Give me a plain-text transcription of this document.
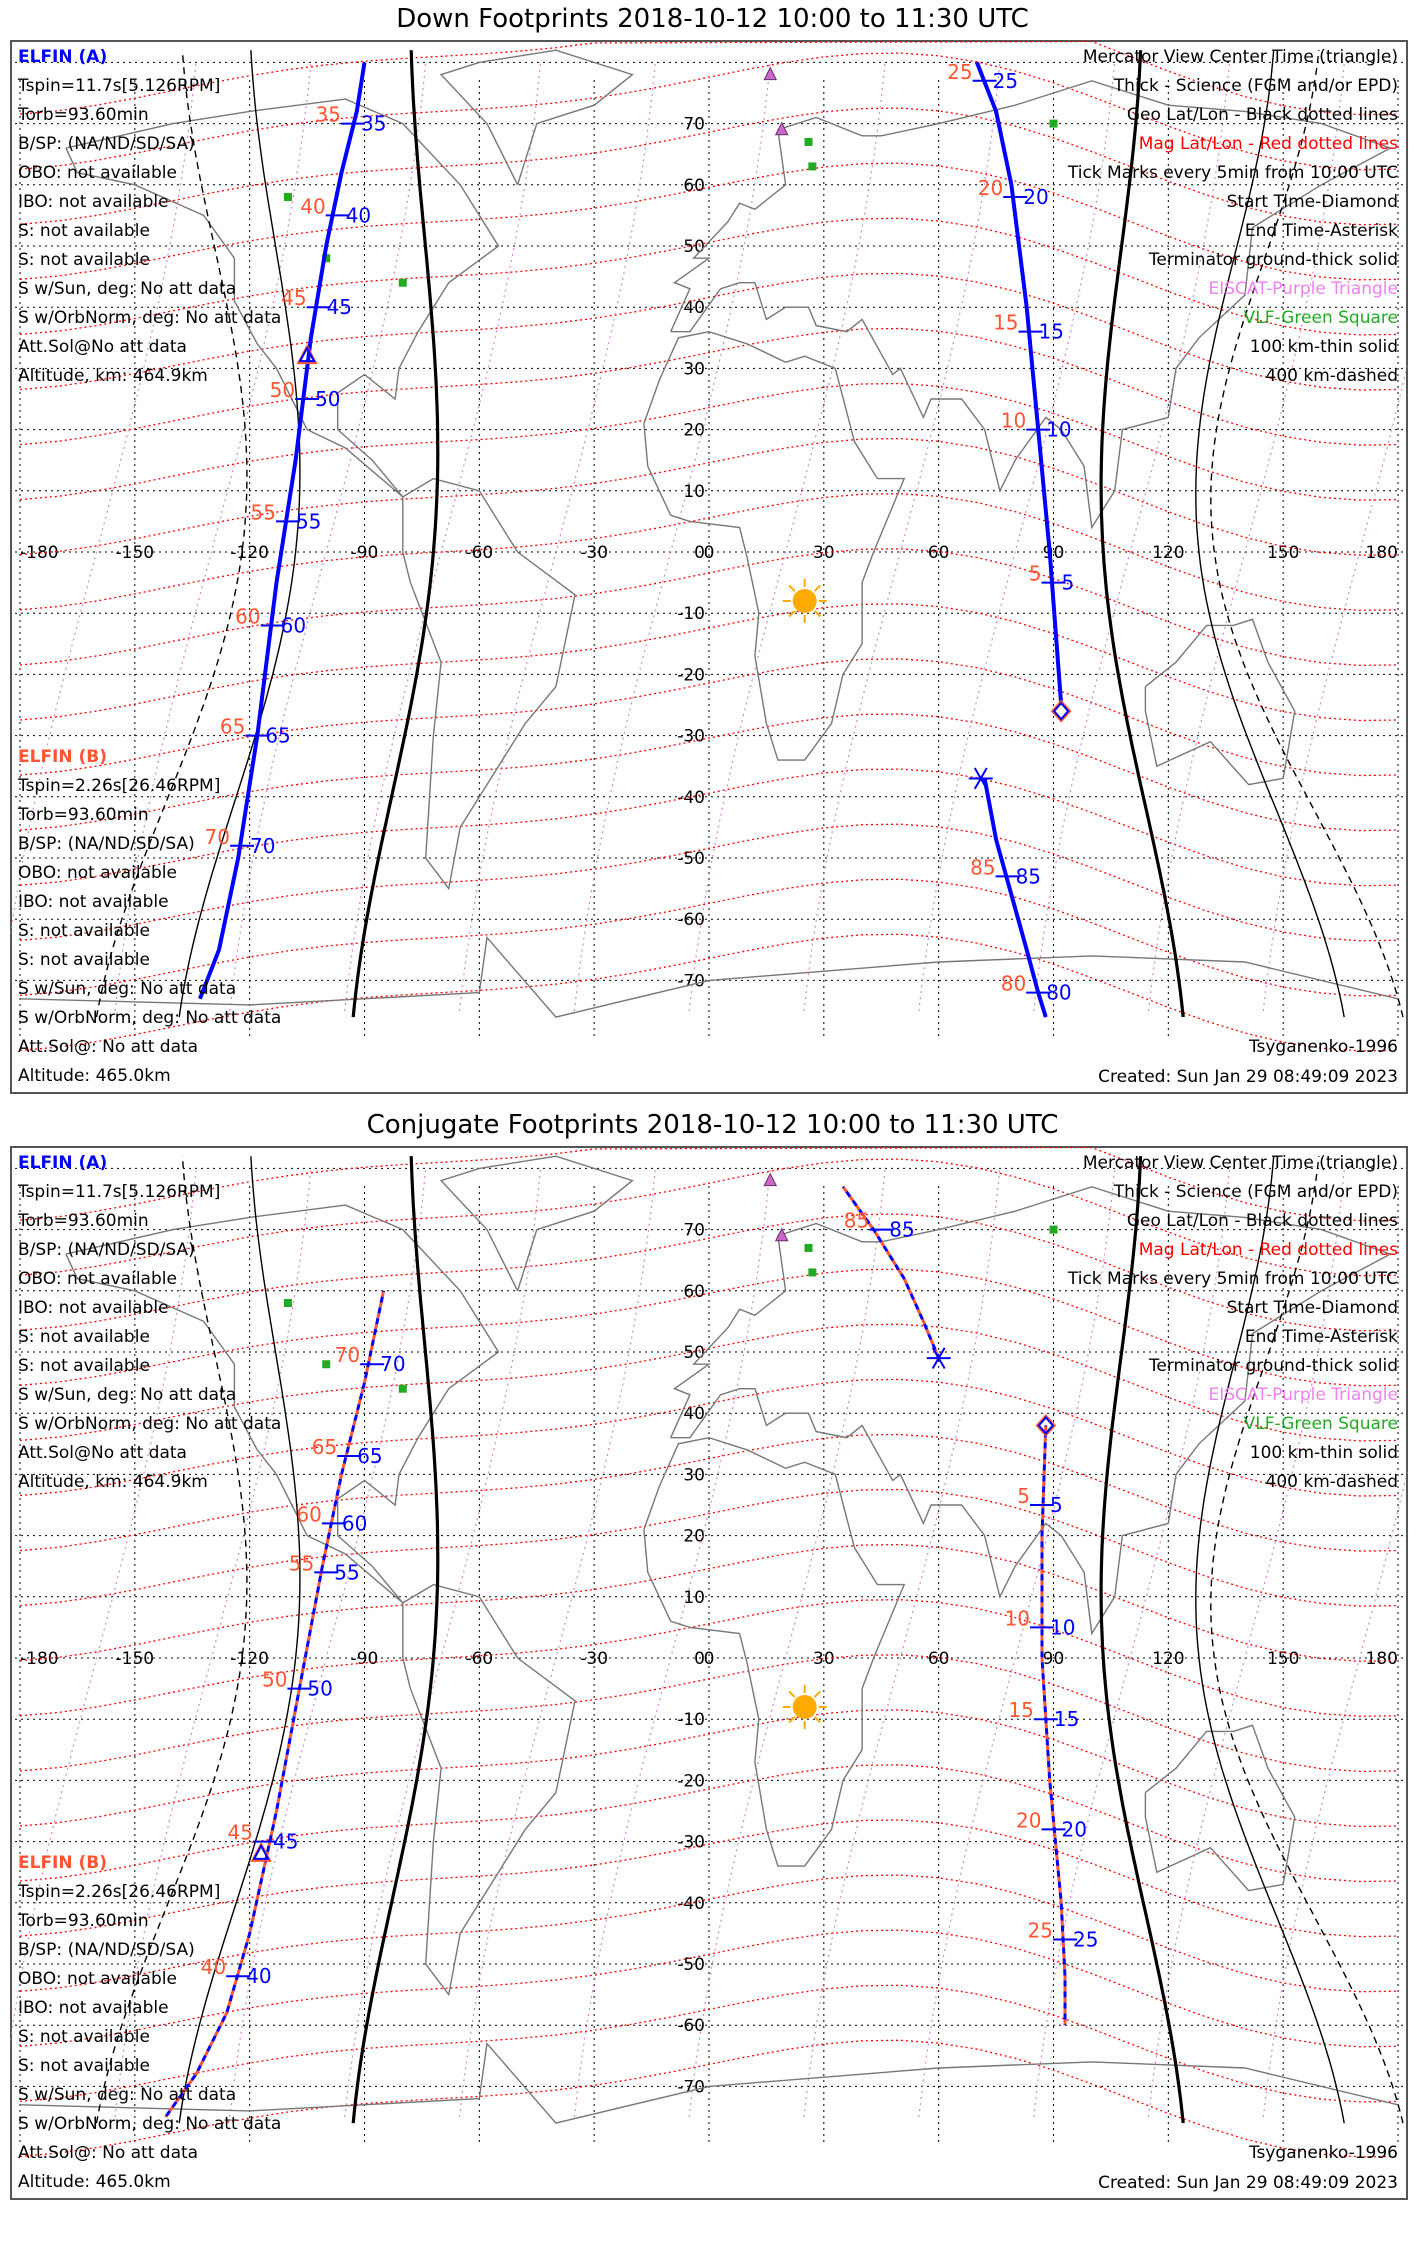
Down Footprints 2018-10-12 10:00 to 11:30 UTC
-180	-150	-120	-90	-60	-30	0	30	60	90	120	150	180
70
60
50
40
30
20
10
0
-10
-20
-30
-40
-50
-60
-70
35
35
40
40
45
45
50
50
55
55
60
60
65
65
70
70
25
25
20
20
15
15
10
10
5
5
85
85
80
80
ELFIN (A)
Tspin=11.7s[5.126RPM]
Torb=93.60min
B/SP: (NA/ND/SD/SA)
OBO: not available
IBO: not available
S: not available
S: not available
S w/Sun, deg: No att data
S w/OrbNorm, deg: No att data
Att.Sol@No att data
Altitude, km: 464.9km
ELFIN (B)
Tspin=2.26s[26.46RPM]
Torb=93.60min
B/SP: (NA/ND/SD/SA)
OBO: not available
IBO: not available
S: not available
S: not available
S w/Sun, deg: No att data
S w/OrbNorm, deg: No att data
Att.Sol@: No att data
Altitude: 465.0km
Mercator View Center Time (triangle)
Thick - Science (FGM and/or EPD)
Geo Lat/Lon - Black dotted lines
Mag Lat/Lon - Red dotted lines
Tick Marks every 5min from 10:00 UTC
Start Time-Diamond
End Time-Asterisk
Terminator ground-thick solid
EISCAT-Purple Triangle
VLF-Green Square
100 km-thin solid
400 km-dashed
Tsyganenko-1996
Created: Sun Jan 29 08:49:09 2023
Conjugate Footprints 2018-10-12 10:00 to 11:30 UTC
-180	-150	-120	-90	-60	-30	0	30	60	90	120	150	180
70
60
50
40
30
20
10
0
-10
-20
-30
-40
-50
-60
-70
70
70
65
65
60
60
55
55
50
50
45
45
40
40
85
85
5
5
10
10
15
15
20
20
25
25
ELFIN (A)
Tspin=11.7s[5.126RPM]
Torb=93.60min
B/SP: (NA/ND/SD/SA)
OBO: not available
IBO: not available
S: not available
S: not available
S w/Sun, deg: No att data
S w/OrbNorm, deg: No att data
Att.Sol@No att data
Altitude, km: 464.9km
ELFIN (B)
Tspin=2.26s[26.46RPM]
Torb=93.60min
B/SP: (NA/ND/SD/SA)
OBO: not available
IBO: not available
S: not available
S: not available
S w/Sun, deg: No att data
S w/OrbNorm, deg: No att data
Att.Sol@: No att data
Altitude: 465.0km
Mercator View Center Time (triangle)
Thick - Science (FGM and/or EPD)
Geo Lat/Lon - Black dotted lines
Mag Lat/Lon - Red dotted lines
Tick Marks every 5min from 10:00 UTC
Start Time-Diamond
End Time-Asterisk
Terminator ground-thick solid
EISCAT-Purple Triangle
VLF-Green Square
100 km-thin solid
400 km-dashed
Tsyganenko-1996
Created: Sun Jan 29 08:49:09 2023
